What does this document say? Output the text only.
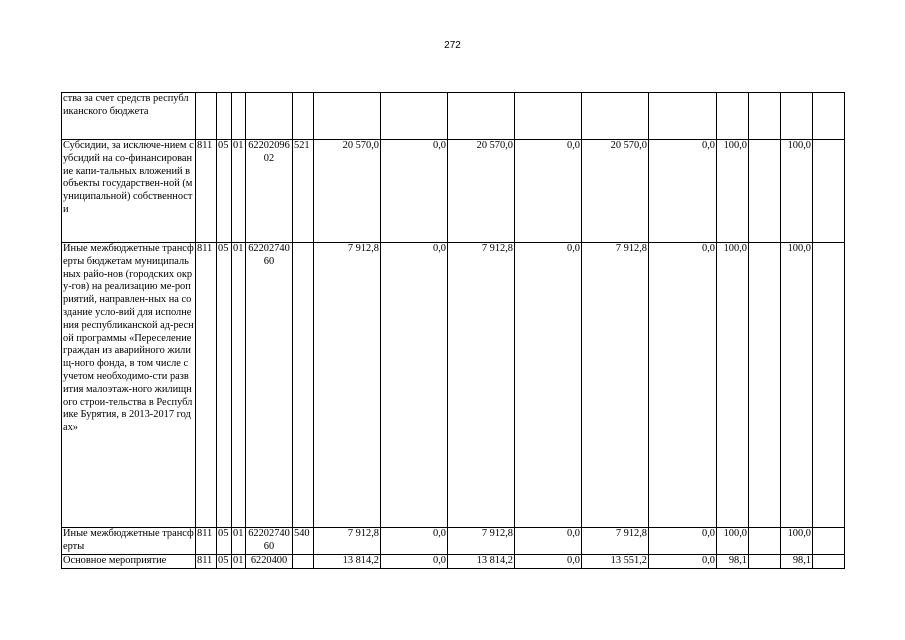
272
ства за счет средств республиканского бюджета															
Субсидии, за исключе-нием субсидий на со-финансирование капи-тальных вложений в объекты государствен-ной (муниципальной) собственности	811	05	01	6220209602	521	20 570,0	0,0	20 570,0	0,0	20 570,0	0,0	100,0		100,0	
Иные межбюджетные трансферты бюджетам муниципальных райо-нов (городских окру-гов) на реализацию ме-роприятий, направлен-ных на создание усло-вий для исполнения республиканской ад-ресной программы «Переселение граждан из аварийного жилищ-ного фонда, в том числе с учетом необходимо-сти развития малоэтаж-ного жилищного строи-тельства в Республике Бурятия, в 2013-2017 годах»	811	05	01	6220274060		7 912,8	0,0	7 912,8	0,0	7 912,8	0,0	100,0		100,0	
Иные межбюджетные трансферты	811	05	01	6220274060	540	7 912,8	0,0	7 912,8	0,0	7 912,8	0,0	100,0		100,0	
Основное мероприятие	811	05	01	6220400		13 814,2	0,0	13 814,2	0,0	13 551,2	0,0	98,1		98,1	
